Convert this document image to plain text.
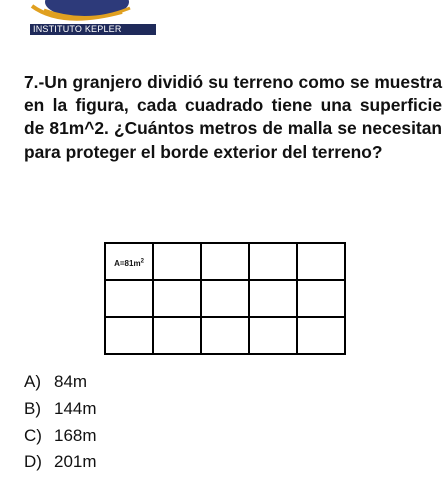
INSTITUTO KEPLER

7.-Un granjero dividió su terreno como se muestra en la figura, cada cuadrado tiene una superficie de 81m^2. ¿Cuántos metros de malla se necesitan para proteger el borde exterior del terreno?

$A=81m^2$				

A) 84m
B) 144m
C) 168m
D) 201m
